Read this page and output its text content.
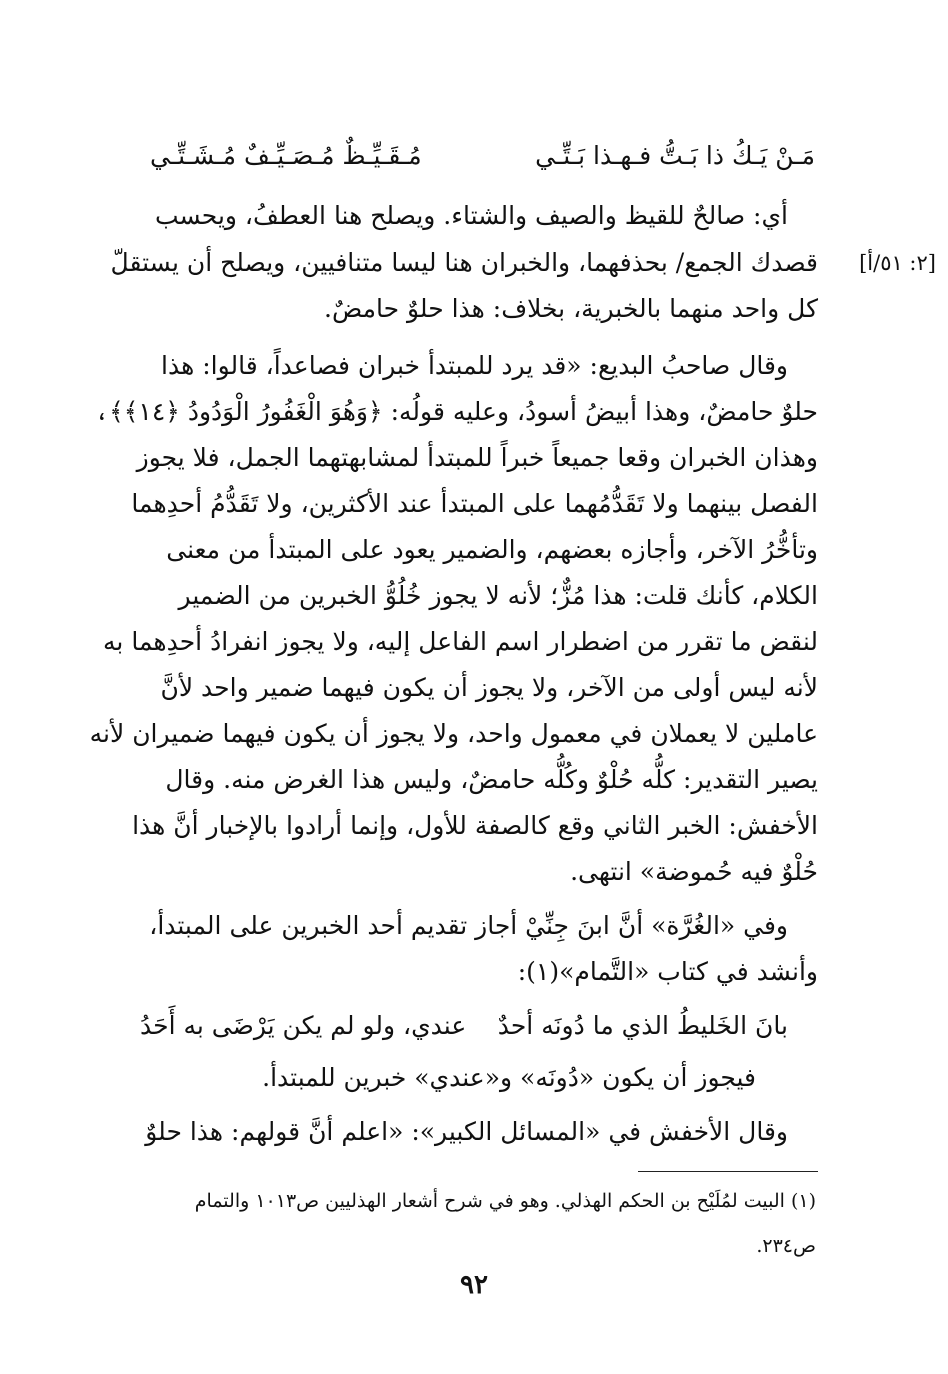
مَـنْ يَـكُ ذا بَـتُّ فـهـذا بَـتِّـي
مُـقَـيِّـظٌ مُـصَـيِّـفٌ مُـشَـتِّـي
[٢: ٥١/أ]
أي: صالحٌ للقيظ والصيف والشتاء. ويصلح هنا العطفُ، ويحسب
قصدك الجمع/ بحذفهما، والخبران هنا ليسا متنافيين، ويصلح أن يستقلّ
كل واحد منهما بالخبرية، بخلاف: هذا حلوٌ حامضٌ.
وقال صاحبُ البديع: «قد يرد للمبتدأ خبران فصاعداً، قالوا: هذا
حلوٌ حامضٌ، وهذا أبيضُ أسودُ، وعليه قولُه: ﴿وَهُوَ الْغَفُورُ الْوَدُودُ ﴿١٤﴾﴾،
وهذان الخبران وقعا جميعاً خبراً للمبتدأ لمشابهتهما الجمل، فلا يجوز
الفصل بينهما ولا تَقَدُّمُهما على المبتدأ عند الأكثرين، ولا تَقَدُّمُ أحدِهما
وتأخُّرُ الآخر، وأجازه بعضهم، والضمير يعود على المبتدأ من معنى
الكلام، كأنك قلت: هذا مُزٌّ؛ لأنه لا يجوز خُلُوُّ الخبرين من الضمير
لنقض ما تقرر من اضطرار اسم الفاعل إليه، ولا يجوز انفرادُ أحدِهما به
لأنه ليس أولى من الآخر، ولا يجوز أن يكون فيهما ضمير واحد لأنَّ
عاملين لا يعملان في معمول واحد، ولا يجوز أن يكون فيهما ضميران لأنه
يصير التقدير: كلُّه حُلْوٌ وكُلُّه حامضٌ، وليس هذا الغرض منه. وقال
الأخفش: الخبر الثاني وقع كالصفة للأول، وإنما أرادوا بالإخبار أنَّ هذا
حُلْوٌ فيه حُموضة» انتهى.
وفي «الغُرَّة» أنَّ ابنَ جِنِّيْ أجاز تقديم أحد الخبرين على المبتدأ،
وأنشد في كتاب «التَّمام»(١):
بانَ الخَليطُ الذي ما دُونَه أحدٌ
عندي، ولو لم يكن يَرْضَى به أَحَدُ
فيجوز أن يكون «دُونَه» و«عندي» خبرين للمبتدأ.
وقال الأخفش في «المسائل الكبير»: «اعلم أنَّ قولهم: هذا حلوٌ
(١) البيت لمُلَيْح بن الحكم الهذلي. وهو في شرح أشعار الهذليين ص١٠١٣ والتمام
ص٢٣٤.
٩٢
